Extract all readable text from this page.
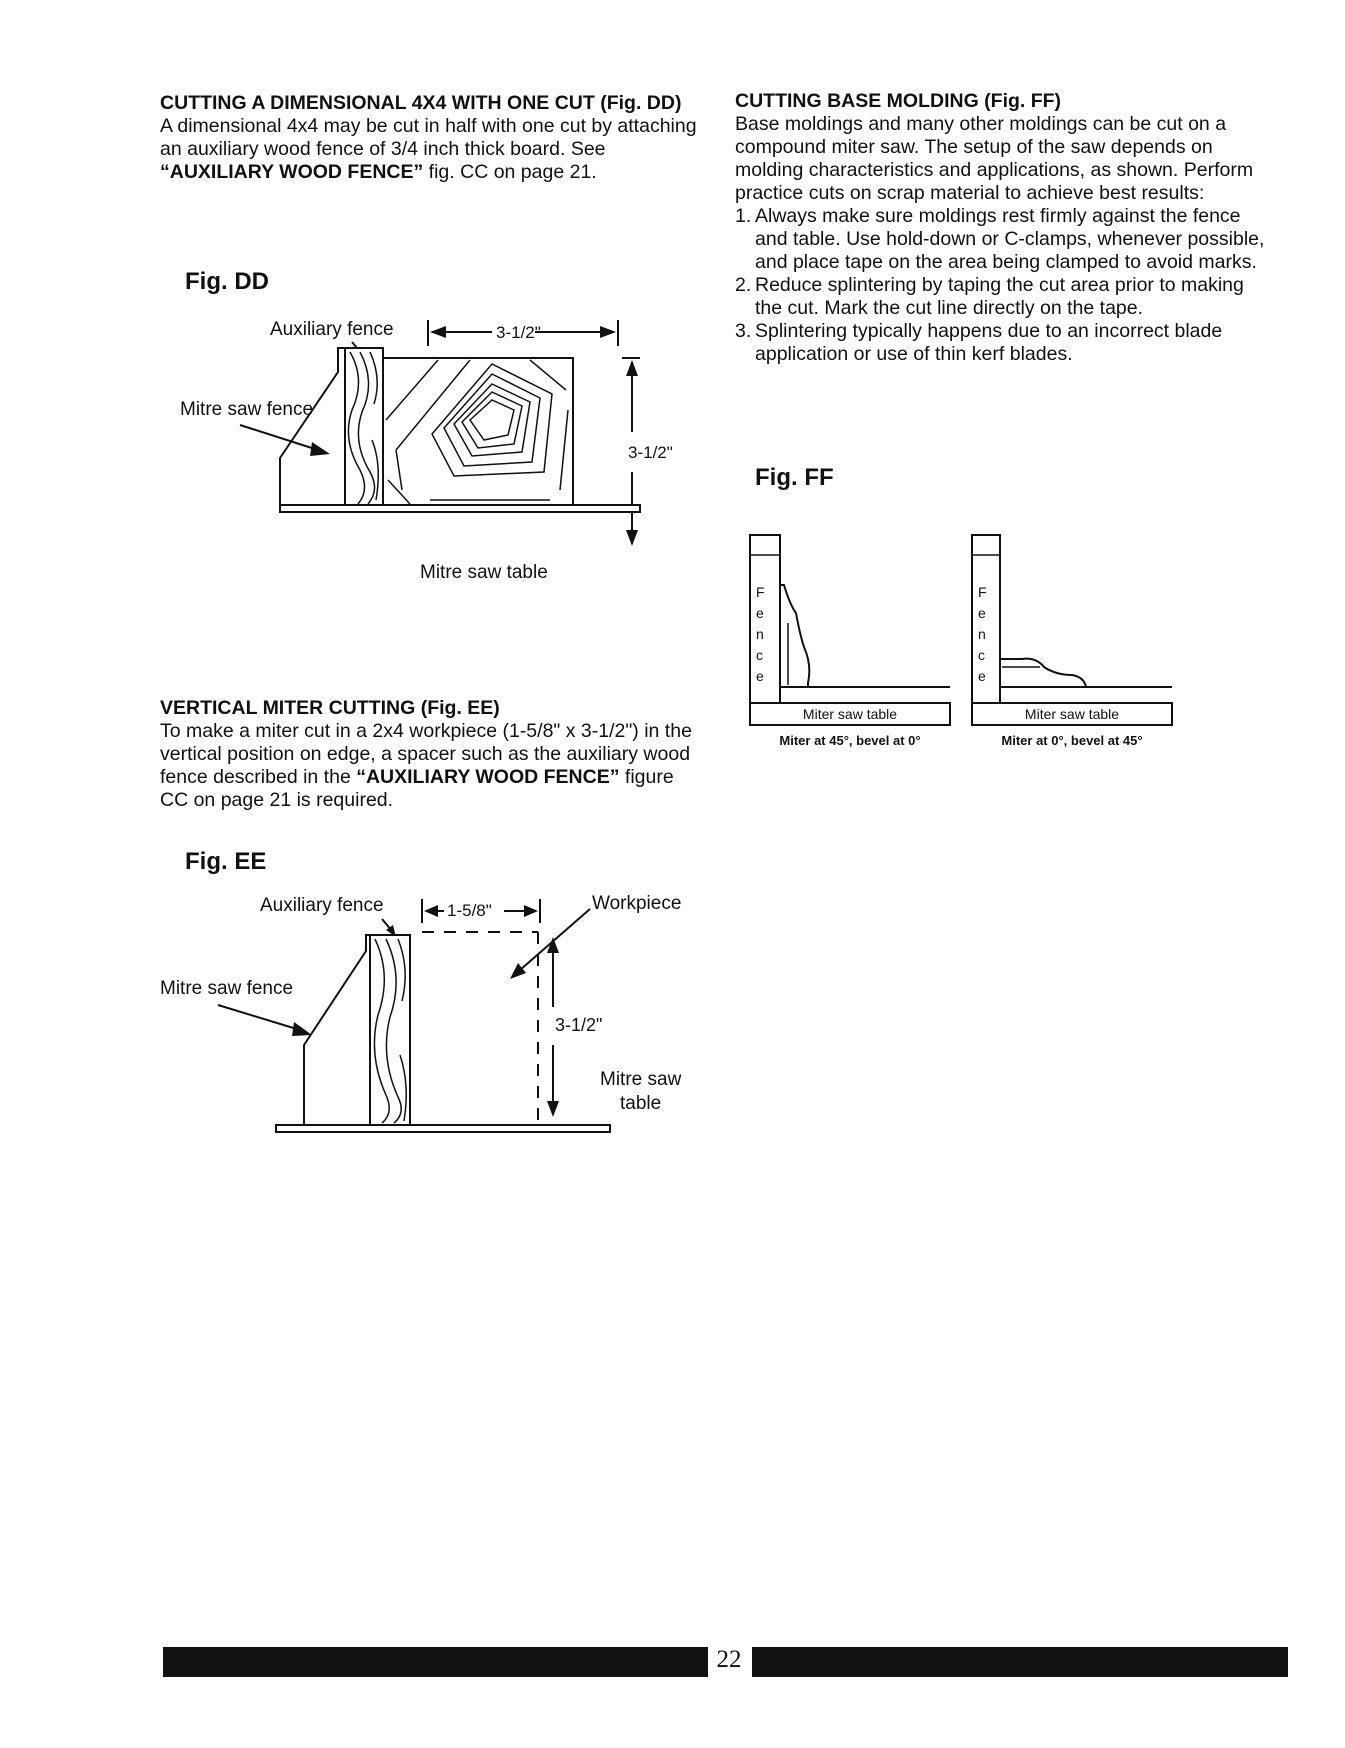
CUTTING A DIMENSIONAL 4X4 WITH ONE CUT (Fig. DD)

A dimensional 4x4 may be cut in half with one cut by attaching an auxiliary wood fence of 3/4 inch thick board. See “AUXILIARY WOOD FENCE” fig. CC on page 21.

Fig. DD
Auxiliary fence
Mitre saw fence
Mitre saw table
3-1/2"
3-1/2"

VERTICAL MITER CUTTING (Fig. EE)

To make a miter cut in a 2x4 workpiece (1-5/8" x 3-1/2") in the vertical position on edge, a spacer such as the auxiliary wood fence described in the “AUXILIARY WOOD FENCE” figure CC on page 21 is required.

Fig. EE
Auxiliary fence
Mitre saw fence
Workpiece
3-1/2"
Mitre saw
table
1-5/8"

CUTTING BASE MOLDING (Fig. FF)

Base moldings and many other moldings can be cut on a compound miter saw. The setup of the saw depends on molding characteristics and applications, as shown. Perform practice cuts on scrap material to achieve best results:

1. Always make sure moldings rest firmly against the fence and table. Use hold-down or C-clamps, whenever possible, and place tape on the area being clamped to avoid marks.
2. Reduce splintering by taping the cut area prior to making the cut. Mark the cut line directly on the tape.
3. Splintering typically happens due to an incorrect blade application or use of thin kerf blades.
Fig. FF
F
e
n
c
e
Miter saw table
Miter at 45°, bevel at 0°
F
e
n
c
e
Miter saw table
Miter at 0°, bevel at 45°
22
